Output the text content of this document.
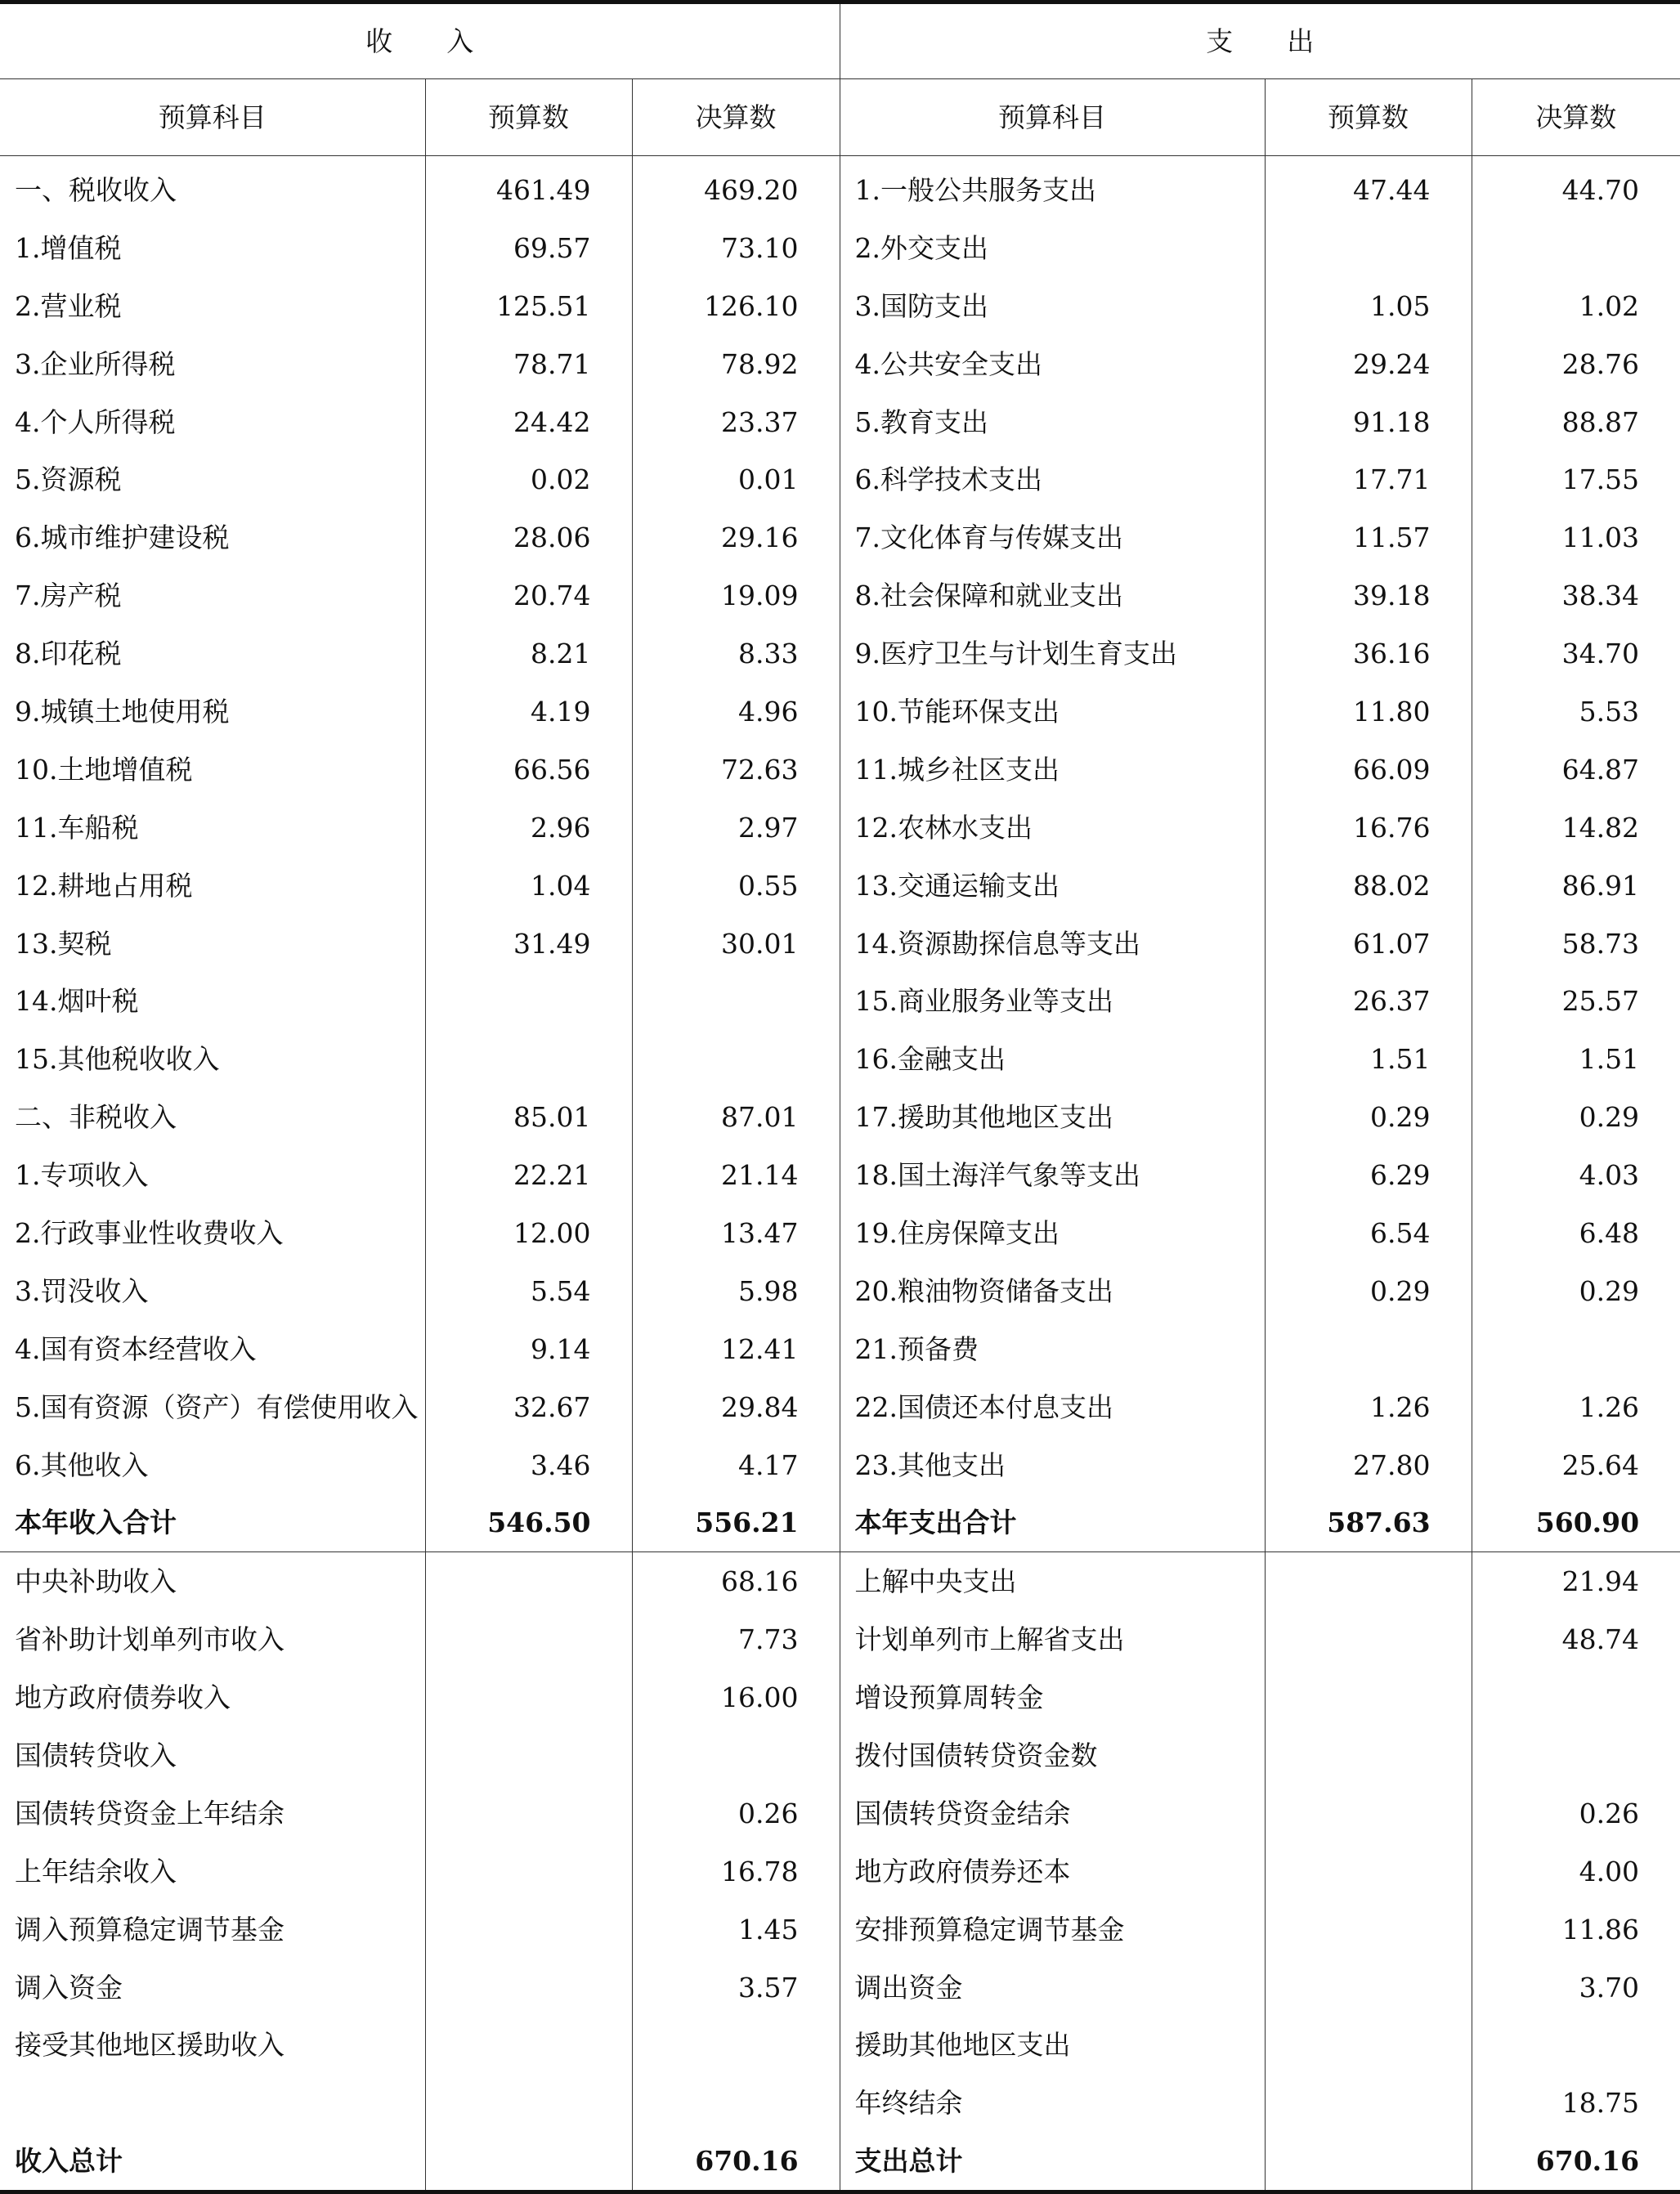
收　　入			支　　出		
预算科目	预算数	决算数	预算科目	预算数	决算数
一、税收收入	461.49	469.20	1.一般公共服务支出	47.44	44.70
1.增值税	69.57	73.10	2.外交支出		
2.营业税	125.51	126.10	3.国防支出	1.05	1.02
3.企业所得税	78.71	78.92	4.公共安全支出	29.24	28.76
4.个人所得税	24.42	23.37	5.教育支出	91.18	88.87
5.资源税	0.02	0.01	6.科学技术支出	17.71	17.55
6.城市维护建设税	28.06	29.16	7.文化体育与传媒支出	11.57	11.03
7.房产税	20.74	19.09	8.社会保障和就业支出	39.18	38.34
8.印花税	8.21	8.33	9.医疗卫生与计划生育支出	36.16	34.70
9.城镇土地使用税	4.19	4.96	10.节能环保支出	11.80	5.53
10.土地增值税	66.56	72.63	11.城乡社区支出	66.09	64.87
11.车船税	2.96	2.97	12.农林水支出	16.76	14.82
12.耕地占用税	1.04	0.55	13.交通运输支出	88.02	86.91
13.契税	31.49	30.01	14.资源勘探信息等支出	61.07	58.73
14.烟叶税			15.商业服务业等支出	26.37	25.57
15.其他税收收入			16.金融支出	1.51	1.51
二、非税收入	85.01	87.01	17.援助其他地区支出	0.29	0.29
1.专项收入	22.21	21.14	18.国土海洋气象等支出	6.29	4.03
2.行政事业性收费收入	12.00	13.47	19.住房保障支出	6.54	6.48
3.罚没收入	5.54	5.98	20.粮油物资储备支出	0.29	0.29
4.国有资本经营收入	9.14	12.41	21.预备费		
5.国有资源（资产）有偿使用收入	32.67	29.84	22.国债还本付息支出	1.26	1.26
6.其他收入	3.46	4.17	23.其他支出	27.80	25.64
本年收入合计	546.50	556.21	本年支出合计	587.63	560.90
中央补助收入		68.16	上解中央支出		21.94
省补助计划单列市收入		7.73	计划单列市上解省支出		48.74
地方政府债券收入		16.00	增设预算周转金		
国债转贷收入			拨付国债转贷资金数		
国债转贷资金上年结余		0.26	国债转贷资金结余		0.26
上年结余收入		16.78	地方政府债券还本		4.00
调入预算稳定调节基金		1.45	安排预算稳定调节基金		11.86
调入资金		3.57	调出资金		3.70
接受其他地区援助收入			援助其他地区支出		
			年终结余		18.75
收入总计		670.16	支出总计		670.16
